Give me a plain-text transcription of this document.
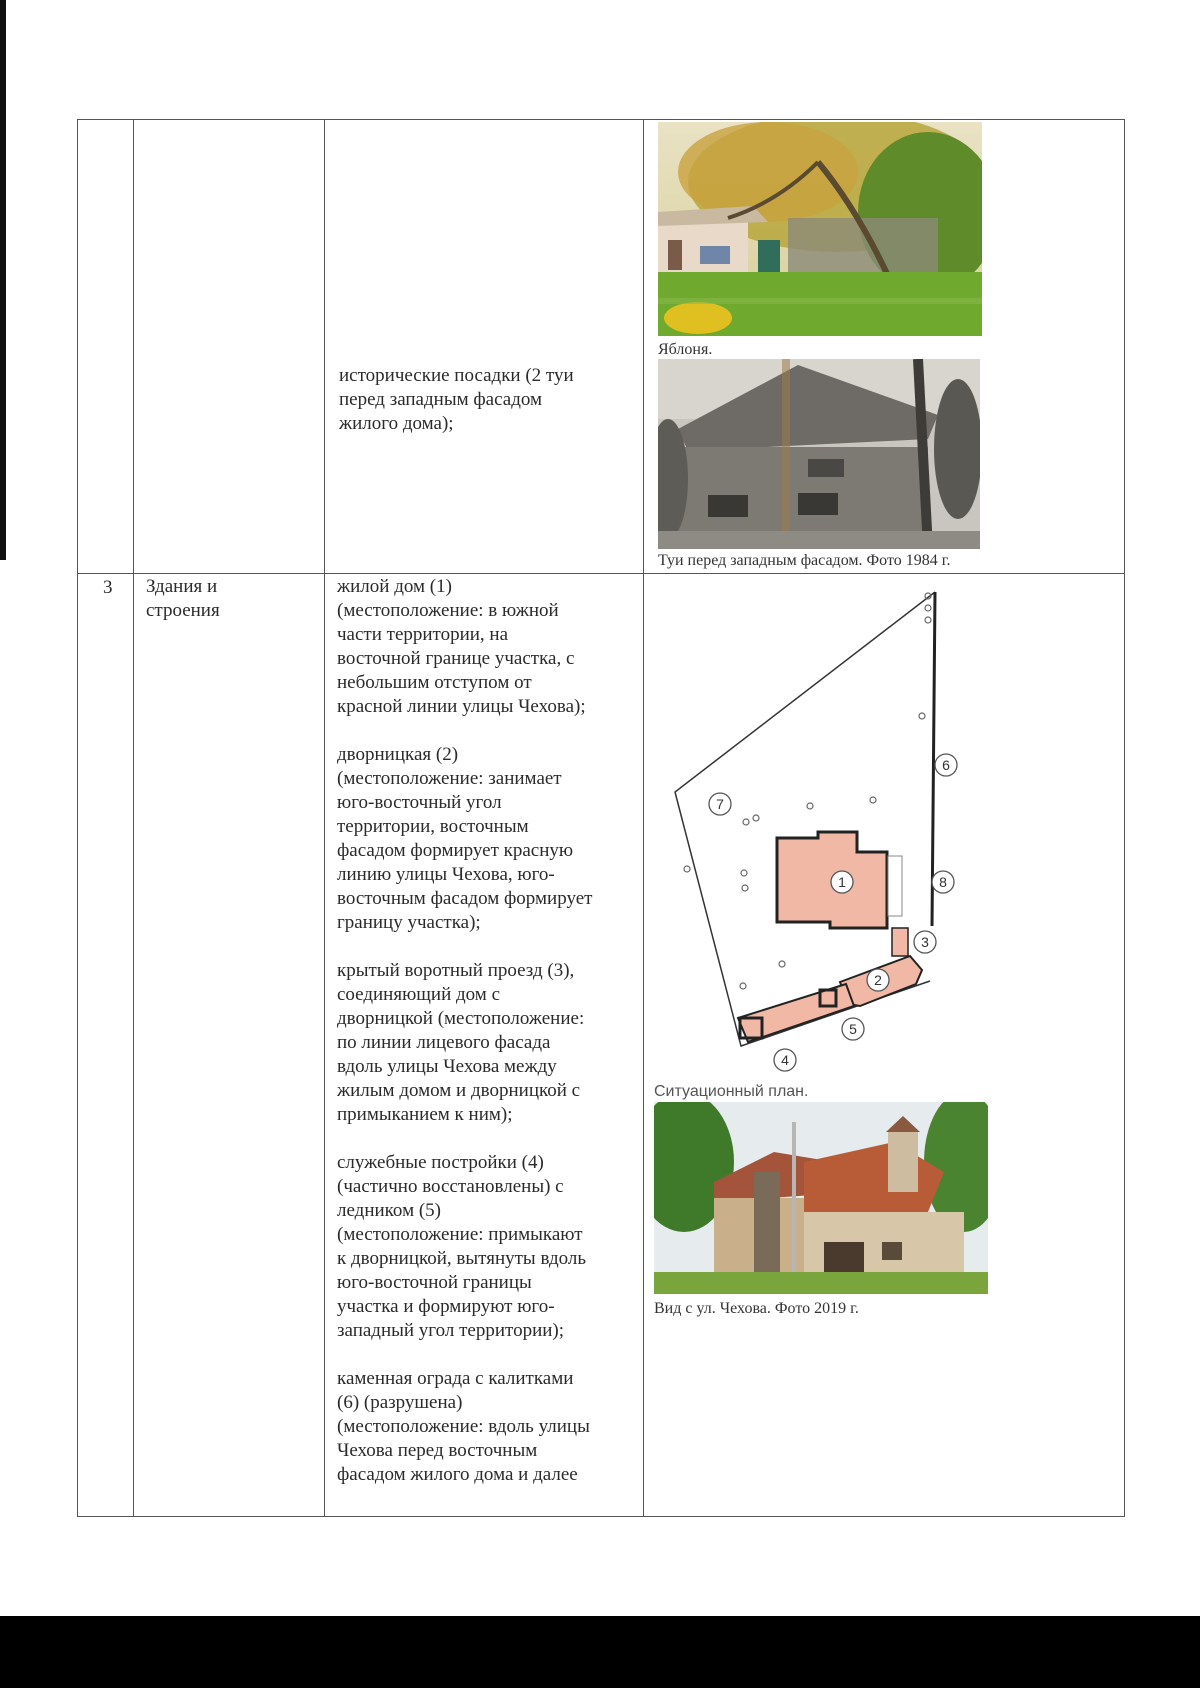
исторические посадки (2 туи
перед западным фасадом
жилого дома);
Яблоня.
Туи перед западным фасадом. Фото 1984 г.
3 Здания и
строения

жилой дом (1)
(местоположение: в южной
части территории, на
восточной границе участка, с
небольшим отступом от
красной линии улицы Чехова);

дворницкая (2)
(местоположение: занимает
юго-восточный угол
территории, восточным
фасадом формирует красную
линию улицы Чехова, юго-
восточным фасадом формирует
границу участка);

крытый воротный проезд (3),
соединяющий дом с
дворницкой (местоположение:
по линии лицевого фасада
вдоль улицы Чехова между
жилым домом и дворницкой с
примыканием к ним);

служебные постройки (4)
(частично восстановлены) с
ледником (5)
(местоположение: примыкают
к дворницкой, вытянуты вдоль
юго-восточной границы
участка и формируют юго-
западный угол территории);

каменная ограда с калитками
(6) (разрушена)
(местоположение: вдоль улицы
Чехова перед восточным
фасадом жилого дома и далее

1
2
3
4
5
6
7
8
Ситуационный план.
Вид с ул. Чехова. Фото 2019 г.
